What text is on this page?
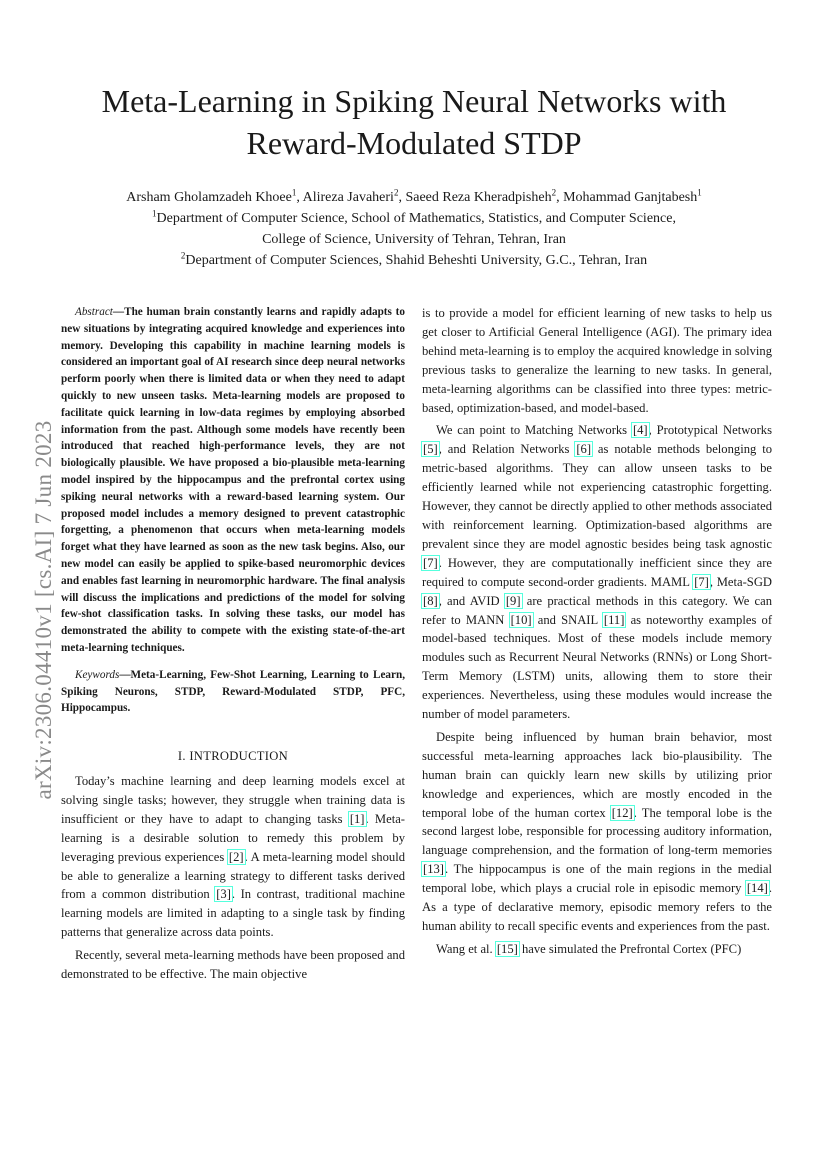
Meta-Learning in Spiking Neural Networks with
Reward-Modulated STDP
Arsham Gholamzadeh Khoee$^1$, Alireza Javaheri$^2$, Saeed Reza Kheradpisheh$^2$, Mohammad Ganjtabesh$^1$
$^1$Department of Computer Science, School of Mathematics, Statistics, and Computer Science,
College of Science, University of Tehran, Tehran, Iran
$^2$Department of Computer Sciences, Shahid Beheshti University, G.C., Tehran, Iran
arXiv:2306.04410v1 [cs.AI] 7 Jun 2023

Abstract—The human brain constantly learns and rapidly adapts to new situations by integrating acquired knowledge and experiences into memory. Developing this capability in machine learning models is considered an important goal of AI research since deep neural networks perform poorly when there is limited data or when they need to adapt quickly to new unseen tasks. Meta-learning models are proposed to facilitate quick learning in low-data regimes by employing absorbed information from the past. Although some models have recently been introduced that reached high-performance levels, they are not biologically plausible. We have proposed a bio-plausible meta-learning model inspired by the hippocampus and the prefrontal cortex using spiking neural networks with a reward-based learning system. Our proposed model includes a memory designed to prevent catastrophic forgetting, a phenomenon that occurs when meta-learning models forget what they have learned as soon as the new task begins. Also, our new model can easily be applied to spike-based neuromorphic devices and enables fast learning in neuromorphic hardware. The final analysis will discuss the implications and predictions of the model for solving few-shot classification tasks. In solving these tasks, our model has demonstrated the ability to compete with the existing state-of-the-art meta-learning techniques.

Keywords—Meta-Learning, Few-Shot Learning, Learning to Learn, Spiking Neurons, STDP, Reward-Modulated STDP, PFC, Hippocampus.

I. INTRODUCTION

Today’s machine learning and deep learning models excel at solving single tasks; however, they struggle when training data is insufficient or they have to adapt to changing tasks [1]. Meta-learning is a desirable solution to remedy this problem by leveraging previous experiences [2]. A meta-learning model should be able to generalize a learning strategy to different tasks derived from a common distribution [3]. In contrast, traditional machine learning models are limited in adapting to a single task by finding patterns that generalize across data points.

Recently, several meta-learning methods have been proposed and demonstrated to be effective. The main objective

is to provide a model for efficient learning of new tasks to help us get closer to Artificial General Intelligence (AGI). The primary idea behind meta-learning is to employ the acquired knowledge in solving previous tasks to generalize the learning to new tasks. In general, meta-learning algorithms can be classified into three types: metric-based, optimization-based, and model-based.

We can point to Matching Networks [4], Prototypical Networks [5], and Relation Networks [6] as notable methods belonging to metric-based algorithms. They can allow unseen tasks to be efficiently learned while not experiencing catastrophic forgetting. However, they cannot be directly applied to other methods associated with reinforcement learning. Optimization-based algorithms are prevalent since they are model agnostic besides being task agnostic [7]. However, they are computationally inefficient since they are required to compute second-order gradients. MAML [7], Meta-SGD [8], and AVID [9] are practical methods in this category. We can refer to MANN [10] and SNAIL [11] as noteworthy examples of model-based techniques. Most of these models include memory modules such as Recurrent Neural Networks (RNNs) or Long Short-Term Memory (LSTM) units, allowing them to store their experiences. Nevertheless, using these modules would increase the number of model parameters.

Despite being influenced by human brain behavior, most successful meta-learning approaches lack bio-plausibility. The human brain can quickly learn new skills by utilizing prior knowledge and experiences, which are mostly encoded in the temporal lobe of the human cortex [12]. The temporal lobe is the second largest lobe, responsible for processing auditory information, language comprehension, and the formation of long-term memories [13]. The hippocampus is one of the main regions in the medial temporal lobe, which plays a crucial role in episodic memory [14]. As a type of declarative memory, episodic memory refers to the human ability to recall specific events and experiences from the past.

Wang et al. [15] have simulated the Prefrontal Cortex (PFC)
